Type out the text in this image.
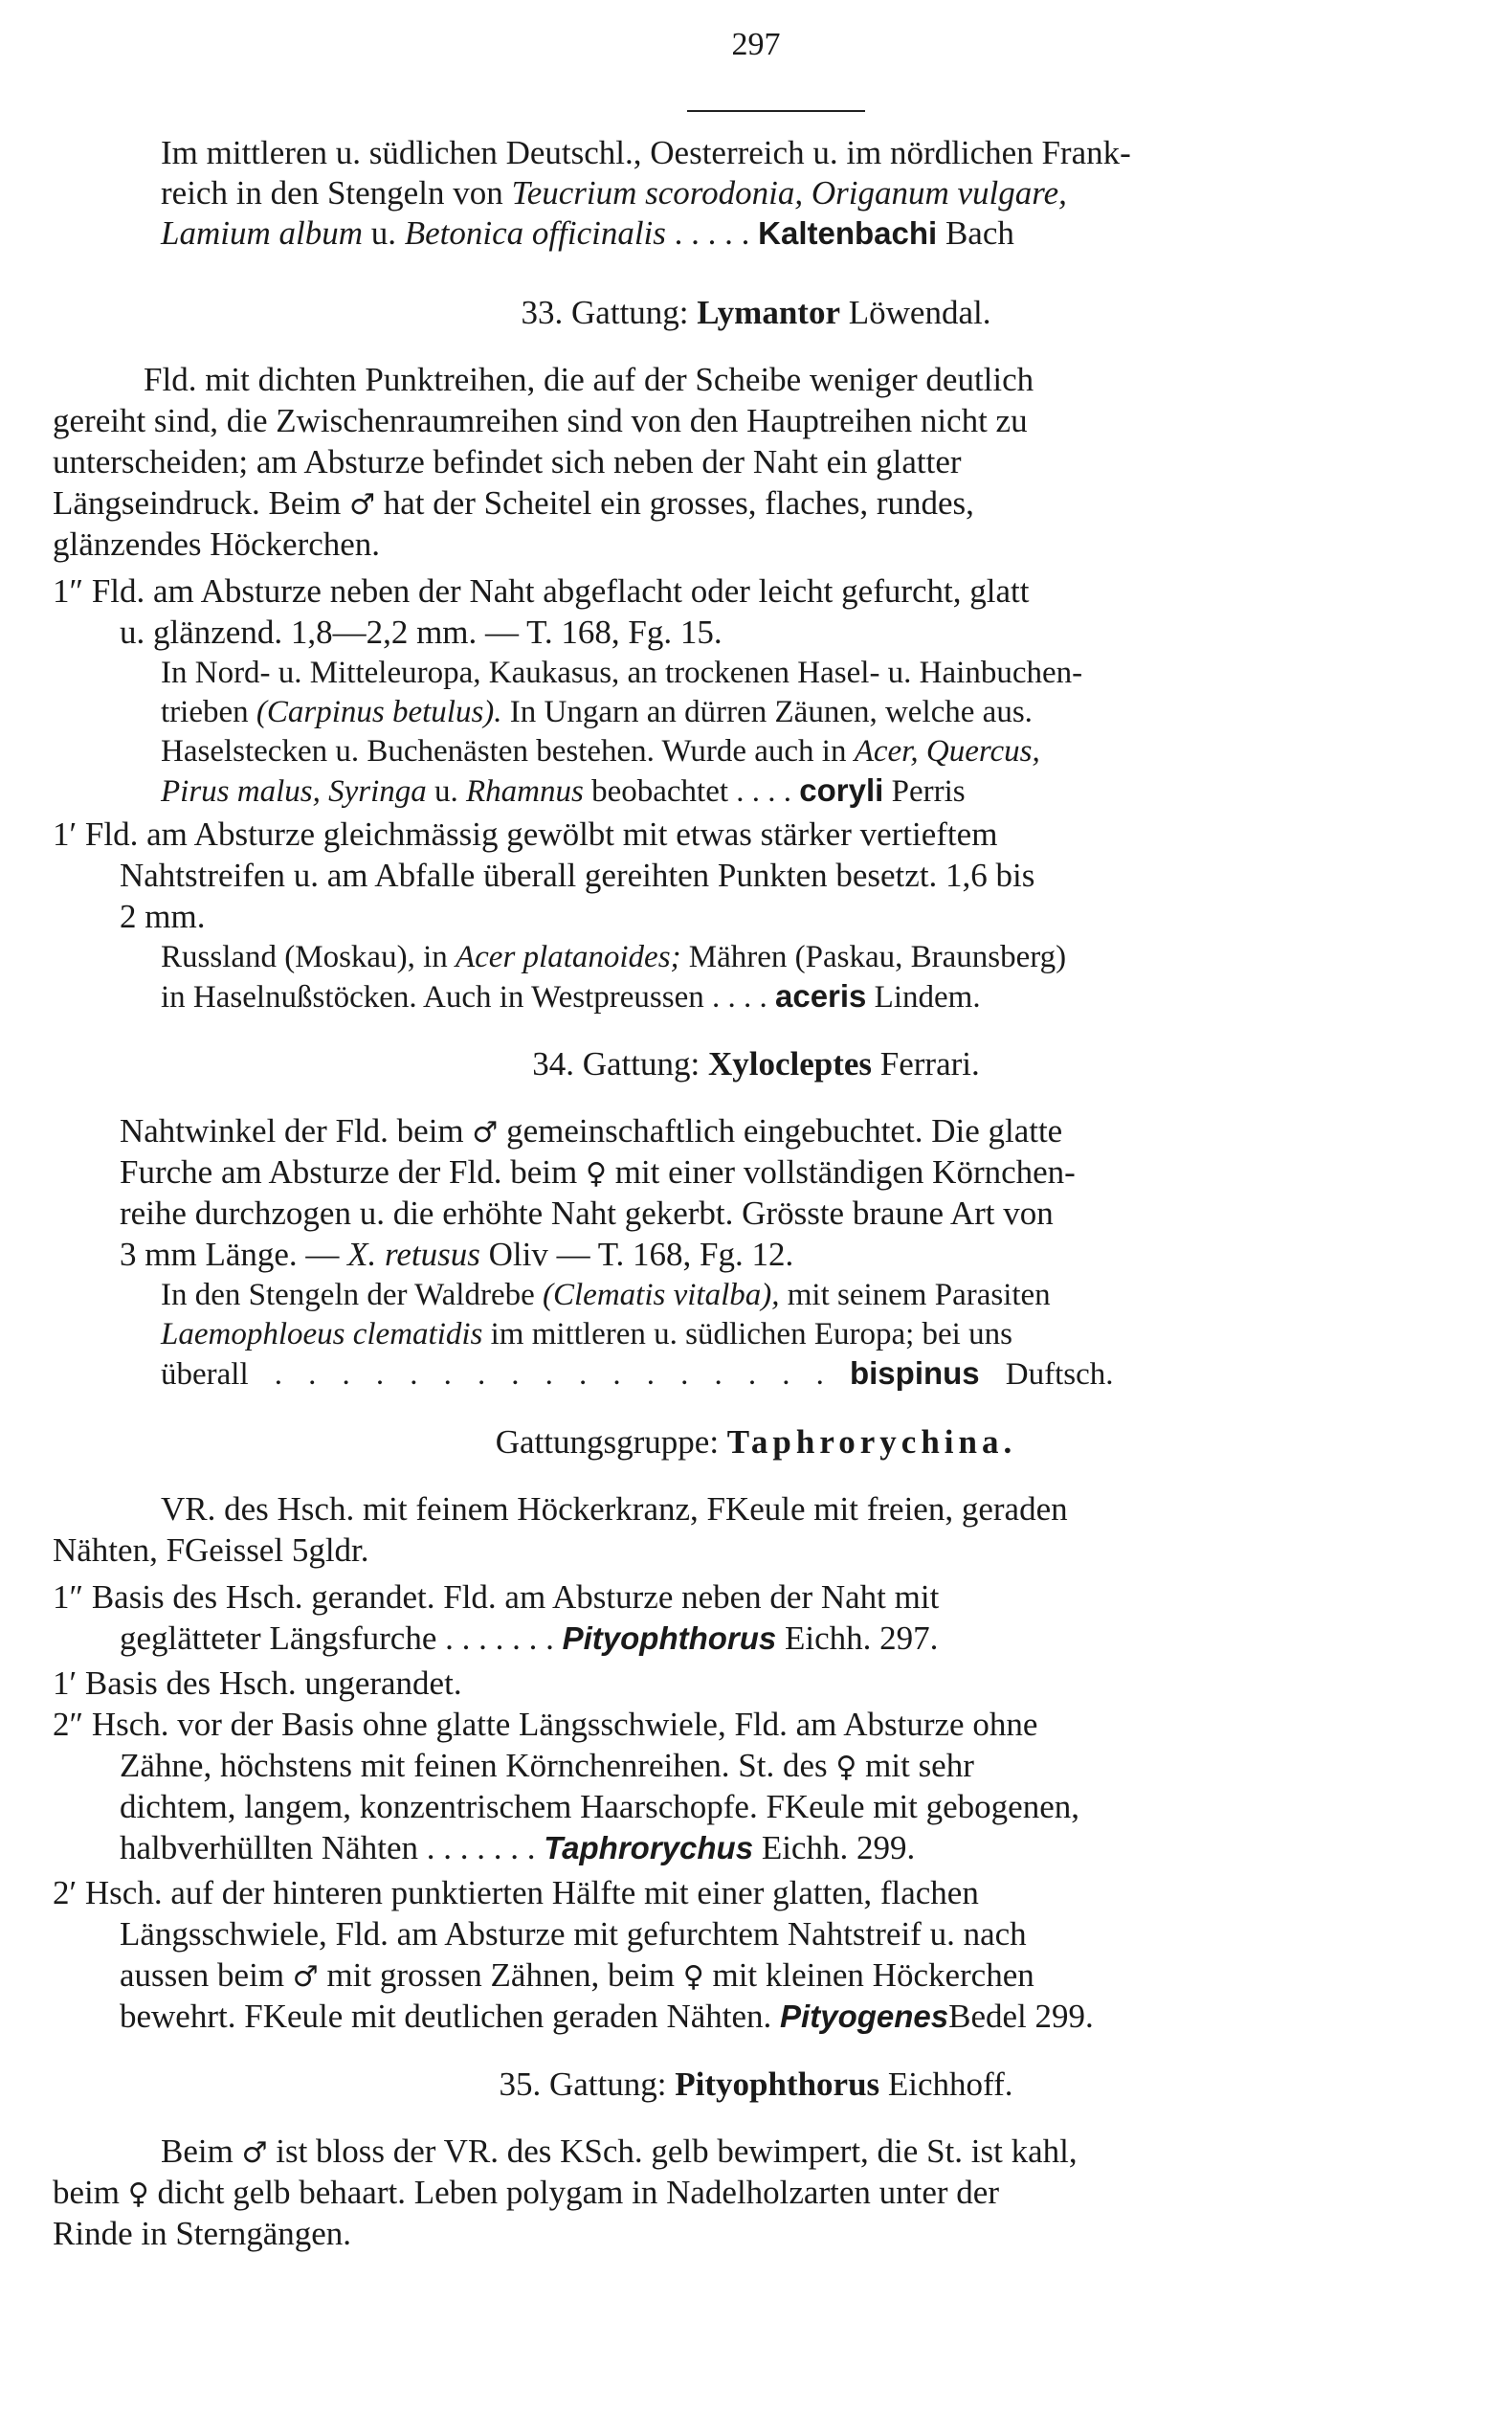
297
Im mittleren u. südlichen Deutschl., Oesterreich u. im nördlichen Frank-
reich in den Stengeln von Teucrium scorodonia, Origanum vulgare,
Lamium album u. Betonica officinalis . . . . . Kaltenbachi Bach
33. Gattung: Lymantor Löwendal.
Fld. mit dichten Punktreihen, die auf der Scheibe weniger deutlich
gereiht sind, die Zwischenraumreihen sind von den Hauptreihen nicht zu
unterscheiden; am Absturze befindet sich neben der Naht ein glatter
Längseindruck. Beim ♂ hat der Scheitel ein grosses, flaches, rundes,
glänzendes Höckerchen.
1″ Fld. am Absturze neben der Naht abgeflacht oder leicht gefurcht, glatt
u. glänzend. 1,8—2,2 mm. — T. 168, Fg. 15.
In Nord- u. Mitteleuropa, Kaukasus, an trockenen Hasel- u. Hainbuchen-
trieben (Carpinus betulus). In Ungarn an dürren Zäunen, welche aus.
Haselstecken u. Buchenästen bestehen. Wurde auch in Acer, Quercus,
Pirus malus, Syringa u. Rhamnus beobachtet . . . . coryli Perris
1′ Fld. am Absturze gleichmässig gewölbt mit etwas stärker vertieftem
Nahtstreifen u. am Abfalle überall gereihten Punkten besetzt. 1,6 bis
2 mm.
Russland (Moskau), in Acer platanoides; Mähren (Paskau, Braunsberg)
in Haselnußstöcken. Auch in Westpreussen . . . . aceris Lindem.
34. Gattung: Xylocleptes Ferrari.
Nahtwinkel der Fld. beim ♂ gemeinschaftlich eingebuchtet. Die glatte
Furche am Absturze der Fld. beim ♀ mit einer vollständigen Körnchen-
reihe durchzogen u. die erhöhte Naht gekerbt. Grösste braune Art von
3 mm Länge. — X. retusus Oliv — T. 168, Fg. 12.
In den Stengeln der Waldrebe (Clematis vitalba), mit seinem Parasiten
Laemophloeus clematidis im mittleren u. südlichen Europa; bei uns
überall . . . . . . . . . . . . . . . . . bispinus Duftsch.
Gattungsgruppe: Taphrorychina.
VR. des Hsch. mit feinem Höckerkranz, FKeule mit freien, geraden
Nähten, FGeissel 5gldr.
1″ Basis des Hsch. gerandet. Fld. am Absturze neben der Naht mit
geglätteter Längsfurche . . . . . . . Pityophthorus Eichh. 297.
1′ Basis des Hsch. ungerandet.
2″ Hsch. vor der Basis ohne glatte Längsschwiele, Fld. am Absturze ohne
Zähne, höchstens mit feinen Körnchenreihen. St. des ♀ mit sehr
dichtem, langem, konzentrischem Haarschopfe. FKeule mit gebogenen,
halbverhüllten Nähten . . . . . . . Taphrorychus Eichh. 299.
2′ Hsch. auf der hinteren punktierten Hälfte mit einer glatten, flachen
Längsschwiele, Fld. am Absturze mit gefurchtem Nahtstreif u. nach
aussen beim ♂ mit grossen Zähnen, beim ♀ mit kleinen Höckerchen
bewehrt. FKeule mit deutlichen geraden Nähten. PityogenesBedel 299.
35. Gattung: Pityophthorus Eichhoff.
Beim ♂ ist bloss der VR. des KSch. gelb bewimpert, die St. ist kahl,
beim ♀ dicht gelb behaart. Leben polygam in Nadelholzarten unter der
Rinde in Sterngängen.
